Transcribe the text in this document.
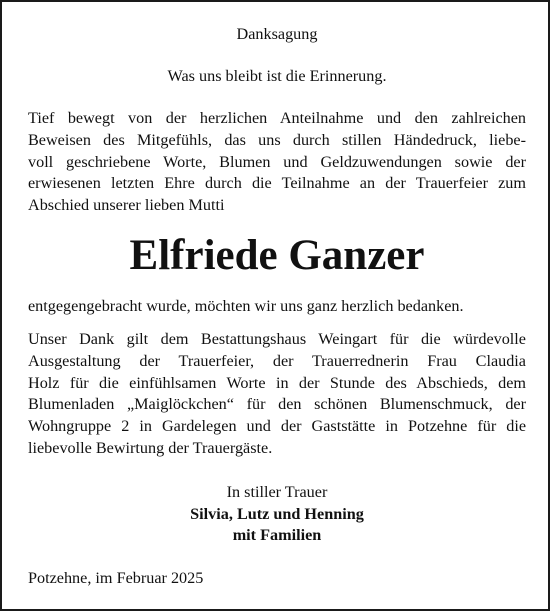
Danksagung

Was uns bleibt ist die Erinnerung.

Tief bewegt von der herzlichen Anteilnahme und den zahlreichen
Beweisen des Mitgefühls, das uns durch stillen Händedruck, liebe-
voll geschriebene Worte, Blumen und Geldzuwendungen sowie der
erwiesenen letzten Ehre durch die Teilnahme an der Trauerfeier zum
Abschied unserer lieben Mutti

Elfriede Ganzer

entgegengebracht wurde, möchten wir uns ganz herzlich bedanken.

Unser Dank gilt dem Bestattungshaus Weingart für die würdevolle
Ausgestaltung der Trauerfeier, der Trauerrednerin Frau Claudia
Holz für die einfühlsamen Worte in der Stunde des Abschieds, dem
Blumenladen „Maiglöckchen“ für den schönen Blumenschmuck, der
Wohngruppe 2 in Gardelegen und der Gaststätte in Potzehne für die
liebevolle Bewirtung der Trauergäste.

In stiller Trauer

Silvia, Lutz und Henning

mit Familien

Potzehne, im Februar 2025
